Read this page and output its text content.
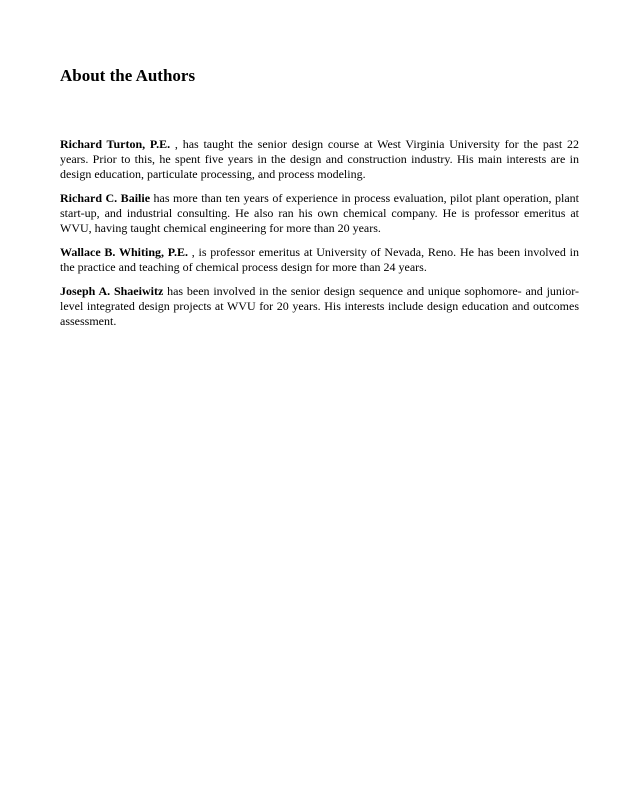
About the Authors

Richard Turton, P.E. , has taught the senior design course at West Virginia University for the past 22 years. Prior to this, he spent five years in the design and construction industry. His main interests are in design education, particulate processing, and process modeling.

Richard C. Bailie has more than ten years of experience in process evaluation, pilot plant operation, plant start-up, and industrial consulting. He also ran his own chemical company. He is professor emeritus at WVU, having taught chemical engineering for more than 20 years.

Wallace B. Whiting, P.E. , is professor emeritus at University of Nevada, Reno. He has been involved in the practice and teaching of chemical process design for more than 24 years.

Joseph A. Shaeiwitz has been involved in the senior design sequence and unique sophomore- and junior-level integrated design projects at WVU for 20 years. His interests include design education and outcomes assessment.
